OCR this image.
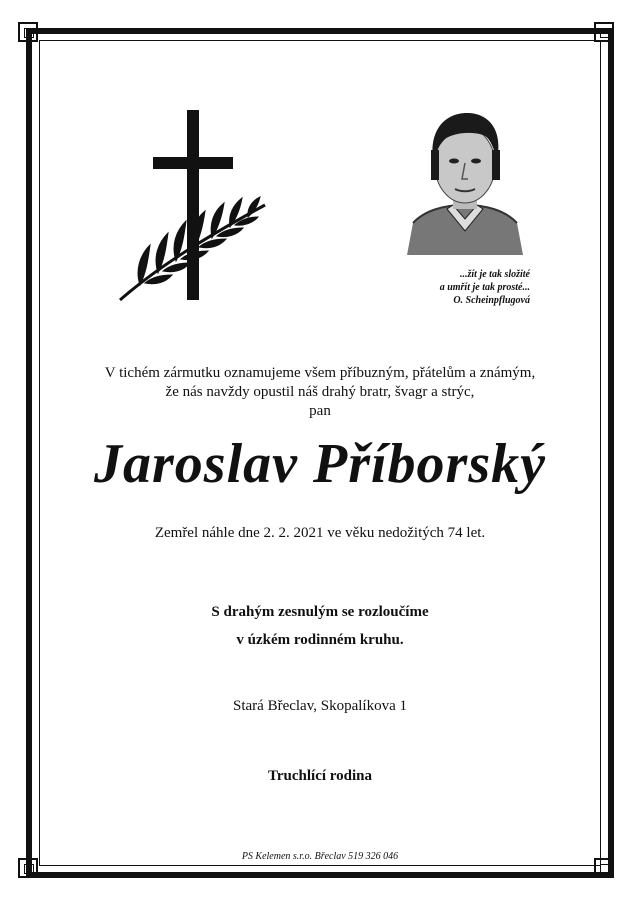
...žít je tak složité
a umřít je tak prosté...
O. Scheinpflugová
V tichém zármutku oznamujeme všem příbuzným, přátelům a známým,
že nás navždy opustil náš drahý bratr, švagr a strýc,
pan
Jaroslav Příborský
Zemřel náhle dne 2. 2. 2021 ve věku nedožitých 74 let.
S drahým zesnulým se rozloučíme
v úzkém rodinném kruhu.
Stará Břeclav, Skopalíkova 1
Truchlící rodina
PS Kelemen s.r.o. Břeclav 519 326 046
